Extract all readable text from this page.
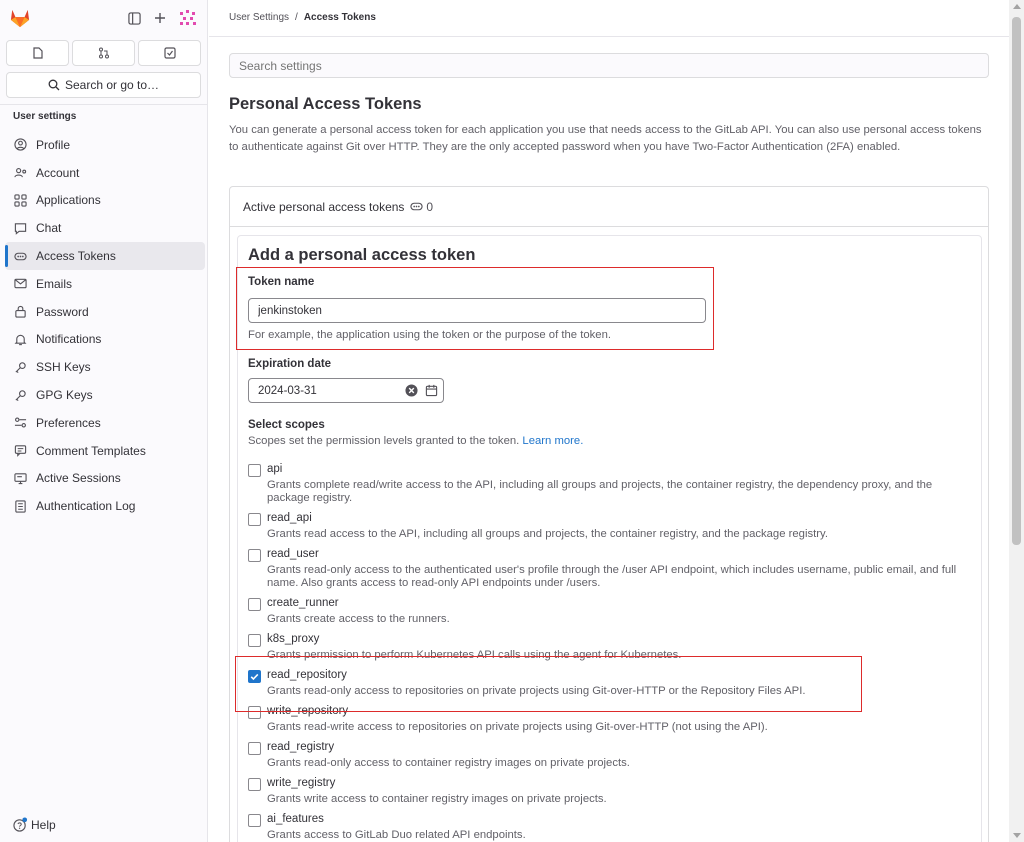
Search or go to…
User settings
Profile
Account
Applications
Chat
Access Tokens
Emails
Password
Notifications
SSH Keys
GPG Keys
Preferences
Comment Templates
Active Sessions
Authentication Log
Help
User Settings / Access Tokens
Search settings
Personal Access Tokens

You can generate a personal access token for each application you use that needs access to the GitLab API. You can also use personal access tokens to authenticate against Git over HTTP. They are the only accepted password when you have Two-Factor Authentication (2FA) enabled.

Active personal access tokens 0
Add a personal access token
Token name
jenkinstoken
For example, the application using the token or the purpose of the token.
Expiration date
2024-03-31
Select scopes
Scopes set the permission levels granted to the token. Learn more.
api
Grants complete read/write access to the API, including all groups and projects, the container registry, the dependency proxy, and the package registry.
read_api
Grants read access to the API, including all groups and projects, the container registry, and the package registry.
read_user
Grants read-only access to the authenticated user's profile through the /user API endpoint, which includes username, public email, and full name. Also grants access to read-only API endpoints under /users.
create_runner
Grants create access to the runners.
k8s_proxy
Grants permission to perform Kubernetes API calls using the agent for Kubernetes.
read_repository
Grants read-only access to repositories on private projects using Git-over-HTTP or the Repository Files API.
write_repository
Grants read-write access to repositories on private projects using Git-over-HTTP (not using the API).
read_registry
Grants read-only access to container registry images on private projects.
write_registry
Grants write access to container registry images on private projects.
ai_features
Grants access to GitLab Duo related API endpoints.
